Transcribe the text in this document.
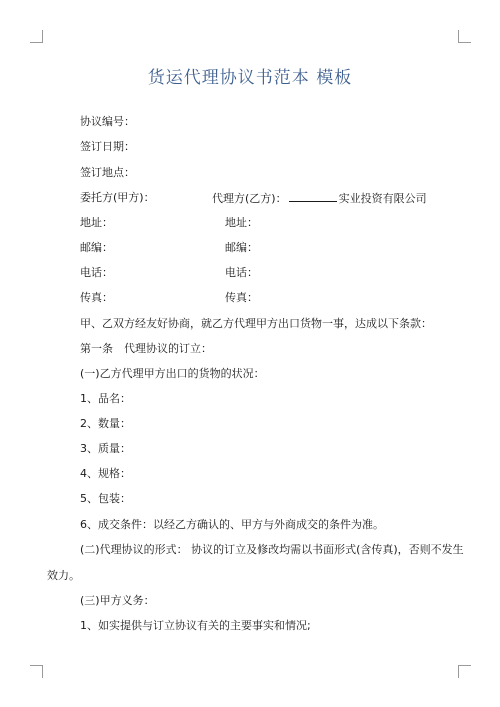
货运代理协议书范本 模板
协议编号：
签订日期：
签订地点：
委托方(甲方)：	代理方(乙方)：	实业投资有限公司
地址：	地址：
邮编：	邮编：
电话：	电话：
传真：	传真：
甲、乙双方经友好协商，就乙方代理甲方出口货物一事，达成以下条款：
第一条　代理协议的订立：
(一)乙方代理甲方出口的货物的状况：
1、品名：
2、数量：
3、质量：
4、规格：
5、包装：
6、成交条件：以经乙方确认的、甲方与外商成交的条件为准。
(二)代理协议的形式： 协议的订立及修改均需以书面形式(含传真)，否则不发生
效力。
(三)甲方义务：
1、如实提供与订立协议有关的主要事实和情况;
